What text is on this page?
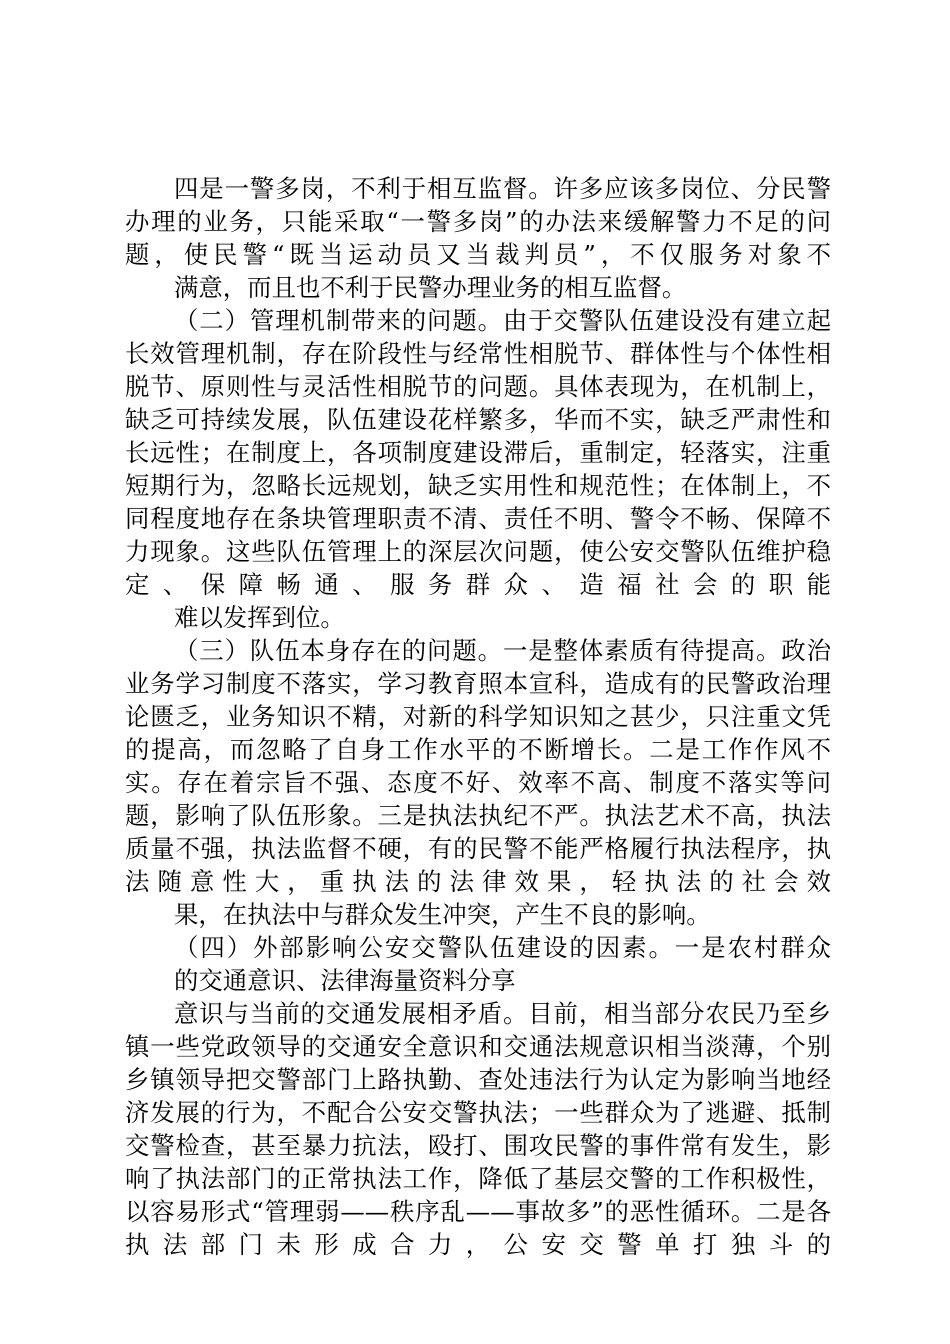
四是一警多岗，不利于相互监督。许多应该多岗位、分民警办理的业务，只能采取“一警多岗”的办法来缓解警力不足的问题，使民警“既当运动员又当裁判员”，不仅服务对象不
满意，而且也不利于民警办理业务的相互监督。

（二）管理机制带来的问题。由于交警队伍建设没有建立起长效管理机制，存在阶段性与经常性相脱节、群体性与个体性相脱节、原则性与灵活性相脱节的问题。具体表现为，在机制上，缺乏可持续发展，队伍建设花样繁多，华而不实，缺乏严肃性和长远性；在制度上，各项制度建设滞后，重制定，轻落实，注重短期行为，忽略长远规划，缺乏实用性和规范性；在体制上，不同程度地存在条块管理职责不清、责任不明、警令不畅、保障不力现象。这些队伍管理上的深层次问题，使公安交警队伍维护稳定、保障畅通、服务群众、造福社会的职能
难以发挥到位。

（三）队伍本身存在的问题。一是整体素质有待提高。政治业务学习制度不落实，学习教育照本宣科，造成有的民警政治理论匮乏，业务知识不精，对新的科学知识知之甚少，只注重文凭的提高，而忽略了自身工作水平的不断增长。二是工作作风不实。存在着宗旨不强、态度不好、效率不高、制度不落实等问题，影响了队伍形象。三是执法执纪不严。执法艺术不高，执法质量不强，执法监督不硬，有的民警不能严格履行执法程序，执法随意性大，重执法的法律效果，轻执法的社会效
果，在执法中与群众发生冲突，产生不良的影响。

（四）外部影响公安交警队伍建设的因素。一是农村群众
的交通意识、法律海量资料分享

意识与当前的交通发展相矛盾。目前，相当部分农民乃至乡镇一些党政领导的交通安全意识和交通法规意识相当淡薄，个别乡镇领导把交警部门上路执勤、查处违法行为认定为影响当地经济发展的行为，不配合公安交警执法；一些群众为了逃避、抵制交警检查，甚至暴力抗法，殴打、围攻民警的事件常有发生，影响了执法部门的正常执法工作，降低了基层交警的工作积极性，以容易形式“管理弱——秩序乱——事故多”的恶性循环。二是各执法部门未形成合力，公安交警单打独斗的
